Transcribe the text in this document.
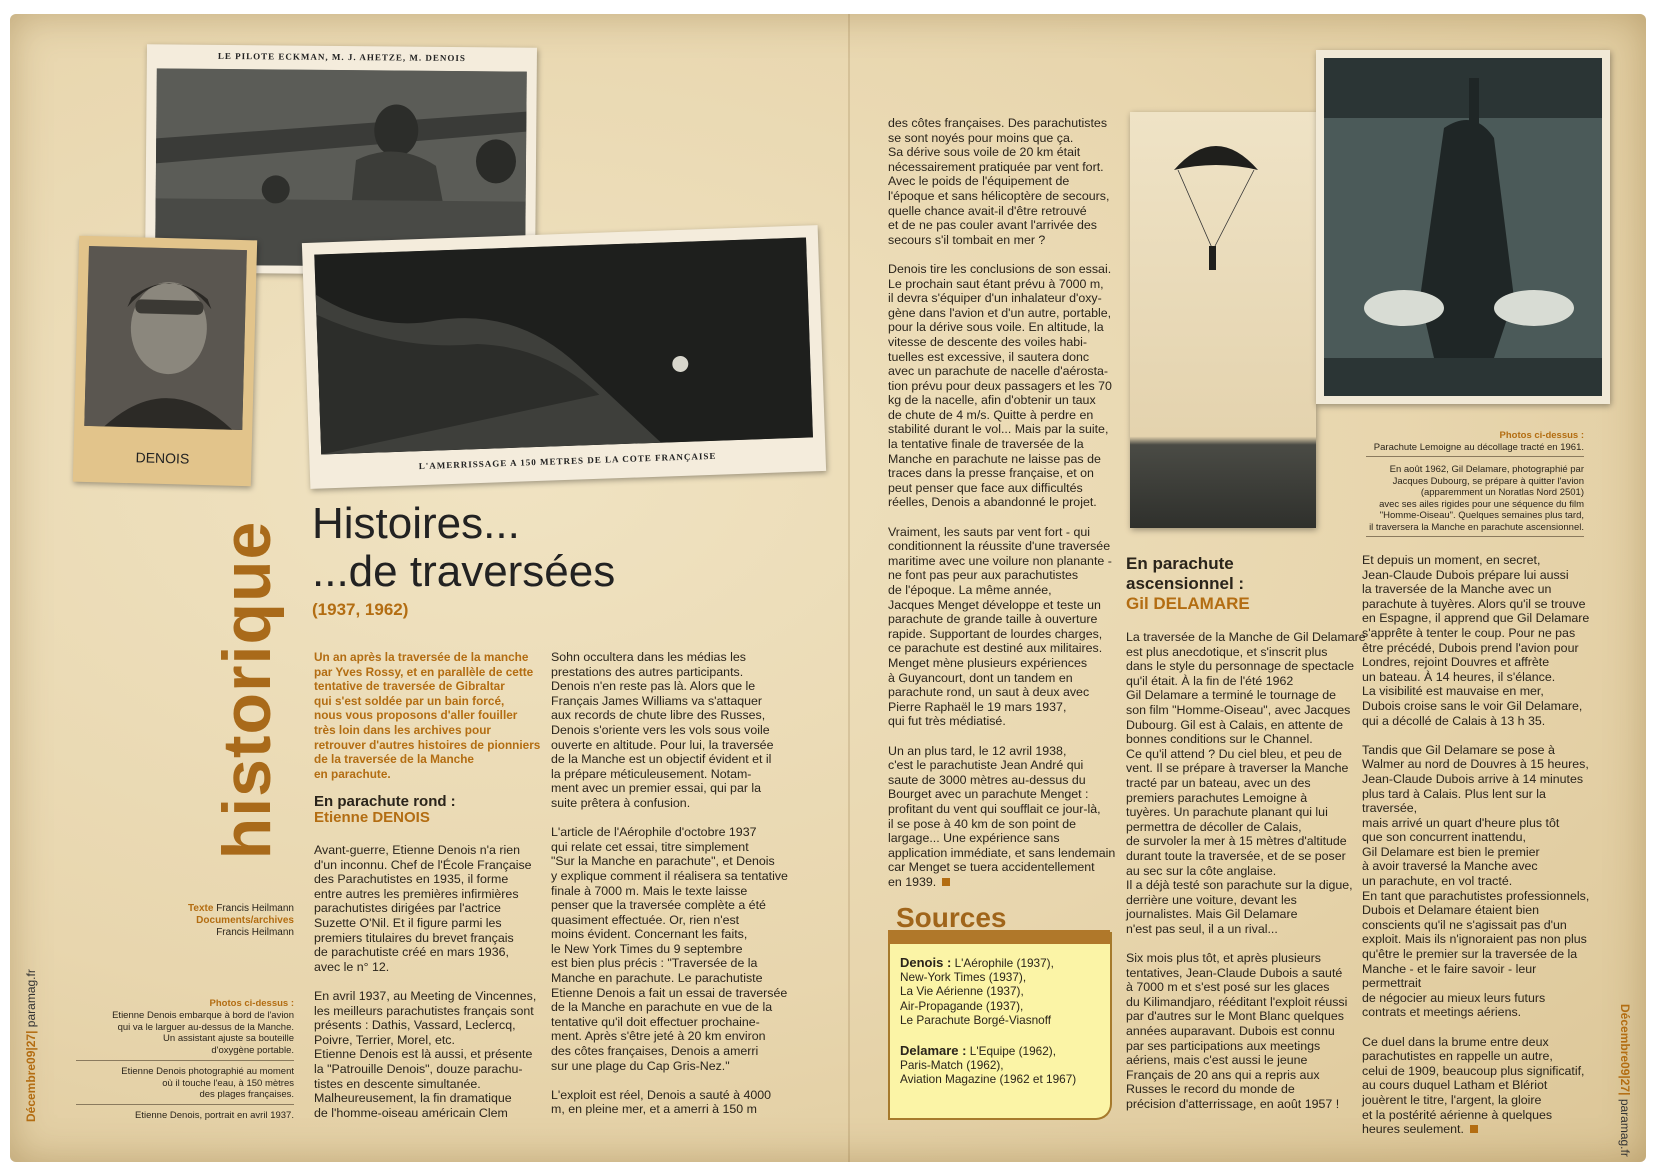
LE PILOTE ECKMAN, M. J. AHETZE, M. DENOIS
DENOIS	L'AMERRISSAGE A 150 METRES DE LA COTE FRANÇAISE
historique Histoires...
...de traversées
(1937, 1962)
Texte Francis Heilmann
Documents/archives
Francis Heilmann
Photos ci-dessus :
Etienne Denois embarque à bord de l'avion
qui va le larguer au-dessus de la Manche.
Un assistant ajuste sa bouteille
d'oxygène portable.
Etienne Denois photographié au moment
où il touche l'eau, à 150 mètres
des plages françaises.
Etienne Denois, portrait en avril 1937.
Décembre09|27| paramag.fr
Un an après la traversée de la manche
par Yves Rossy, et en parallèle de cette
tentative de traversée de Gibraltar
qui s'est soldée par un bain forcé,
nous vous proposons d'aller fouiller
très loin dans les archives pour
retrouver d'autres histoires de pionniers
de la traversée de la Manche
en parachute.
En parachute rond :
Etienne DENOIS
Avant-guerre, Etienne Denois n'a rien
d'un inconnu. Chef de l'École Française
des Parachutistes en 1935, il forme
entre autres les premières infirmières
parachutistes dirigées par l'actrice
Suzette O'Nil. Et il figure parmi les
premiers titulaires du brevet français
de parachutiste créé en mars 1936,
avec le n° 12.

En avril 1937, au Meeting de Vincennes,
les meilleurs parachutistes français sont
présents : Dathis, Vassard, Leclercq,
Poivre, Terrier, Morel, etc.
Etienne Denois est là aussi, et présente
la "Patrouille Denois", douze parachu-
tistes en descente simultanée.
Malheureusement, la fin dramatique
de l'homme-oiseau américain Clem
Sohn occultera dans les médias les
prestations des autres participants.
Denois n'en reste pas là. Alors que le
Français James Williams va s'attaquer
aux records de chute libre des Russes,
Denois s'oriente vers les vols sous voile
ouverte en altitude. Pour lui, la traversée
de la Manche est un objectif évident et il
la prépare méticuleusement. Notam-
ment avec un premier essai, qui par la
suite prêtera à confusion.

L'article de l'Aérophile d'octobre 1937
qui relate cet essai, titre simplement
"Sur la Manche en parachute", et Denois
y explique comment il réalisera sa tentative
finale à 7000 m. Mais le texte laisse
penser que la traversée complète a été
quasiment effectuée. Or, rien n'est
moins évident. Concernant les faits,
le New York Times du 9 septembre
est bien plus précis : "Traversée de la
Manche en parachute. Le parachutiste
Etienne Denois a fait un essai de traversée
de la Manche en parachute en vue de la
tentative qu'il doit effectuer prochaine-
ment. Après s'être jeté à 20 km environ
des côtes françaises, Denois a amerri
sur une plage du Cap Gris-Nez."

L'exploit est réel, Denois a sauté à 4000
m, en pleine mer, et a amerri à 150 m
des côtes françaises. Des parachutistes
se sont noyés pour moins que ça.
Sa dérive sous voile de 20 km était
nécessairement pratiquée par vent fort.
Avec le poids de l'équipement de
l'époque et sans hélicoptère de secours,
quelle chance avait-il d'être retrouvé
et de ne pas couler avant l'arrivée des
secours s'il tombait en mer ?

Denois tire les conclusions de son essai.
Le prochain saut étant prévu à 7000 m,
il devra s'équiper d'un inhalateur d'oxy-
gène dans l'avion et d'un autre, portable,
pour la dérive sous voile. En altitude, la
vitesse de descente des voiles habi-
tuelles est excessive, il sautera donc
avec un parachute de nacelle d'aérosta-
tion prévu pour deux passagers et les 70
kg de la nacelle, afin d'obtenir un taux
de chute de 4 m/s. Quitte à perdre en
stabilité durant le vol... Mais par la suite,
la tentative finale de traversée de la
Manche en parachute ne laisse pas de
traces dans la presse française, et on
peut penser que face aux difficultés
réelles, Denois a abandonné le projet.

Vraiment, les sauts par vent fort - qui
conditionnent la réussite d'une traversée
maritime avec une voilure non planante -
ne font pas peur aux parachutistes
de l'époque. La même année,
Jacques Menget développe et teste un
parachute de grande taille à ouverture
rapide. Supportant de lourdes charges,
ce parachute est destiné aux militaires.
Menget mène plusieurs expériences
à Guyancourt, dont un tandem en
parachute rond, un saut à deux avec
Pierre Raphaël le 19 mars 1937,
qui fut très médiatisé.

Un an plus tard, le 12 avril 1938,
c'est le parachutiste Jean André qui
saute de 3000 mètres au-dessus du
Bourget avec un parachute Menget :
profitant du vent qui soufflait ce jour-là,
il se pose à 40 km de son point de
largage... Une expérience sans
application immédiate, et sans lendemain
car Menget se tuera accidentellement
en 1939.
Sources
Denois : L'Aérophile (1937),
New-York Times (1937),
La Vie Aérienne (1937),
Air-Propagande (1937),
Le Parachute Borgé-Viasnoff
Delamare : L'Equipe (1962),
Paris-Match (1962),
Aviation Magazine (1962 et 1967)
Photos ci-dessus :
Parachute Lemoigne au décollage tracté en 1961.
En août 1962, Gil Delamare, photographié par
Jacques Dubourg, se prépare à quitter l'avion
(apparemment un Noratlas Nord 2501)
avec ses ailes rigides pour une séquence du film
"Homme-Oiseau". Quelques semaines plus tard,
il traversera la Manche en parachute ascensionnel.
En parachute
ascensionnel :
Gil DELAMARE
La traversée de la Manche de Gil Delamare
est plus anecdotique, et s'inscrit plus
dans le style du personnage de spectacle
qu'il était. À la fin de l'été 1962
Gil Delamare a terminé le tournage de
son film "Homme-Oiseau", avec Jacques
Dubourg. Gil est à Calais, en attente de
bonnes conditions sur le Channel.
Ce qu'il attend ? Du ciel bleu, et peu de
vent. Il se prépare à traverser la Manche
tracté par un bateau, avec un des
premiers parachutes Lemoigne à
tuyères. Un parachute planant qui lui
permettra de décoller de Calais,
de survoler la mer à 15 mètres d'altitude
durant toute la traversée, et de se poser
au sec sur la côte anglaise.
Il a déjà testé son parachute sur la digue,
derrière une voiture, devant les
journalistes. Mais Gil Delamare
n'est pas seul, il a un rival...

Six mois plus tôt, et après plusieurs
tentatives, Jean-Claude Dubois a sauté
à 7000 m et s'est posé sur les glaces
du Kilimandjaro, rééditant l'exploit réussi
par d'autres sur le Mont Blanc quelques
années auparavant. Dubois est connu
par ses participations aux meetings
aériens, mais c'est aussi le jeune
Français de 20 ans qui a repris aux
Russes le record du monde de
précision d'atterrissage, en août 1957 !
Et depuis un moment, en secret,
Jean-Claude Dubois prépare lui aussi
la traversée de la Manche avec un
parachute à tuyères. Alors qu'il se trouve
en Espagne, il apprend que Gil Delamare
s'apprête à tenter le coup. Pour ne pas
être précédé, Dubois prend l'avion pour
Londres, rejoint Douvres et affrète
un bateau. À 14 heures, il s'élance.
La visibilité est mauvaise en mer,
Dubois croise sans le voir Gil Delamare,
qui a décollé de Calais à 13 h 35.

Tandis que Gil Delamare se pose à
Walmer au nord de Douvres à 15 heures,
Jean-Claude Dubois arrive à 14 minutes
plus tard à Calais. Plus lent sur la traversée,
mais arrivé un quart d'heure plus tôt
que son concurrent inattendu,
Gil Delamare est bien le premier
à avoir traversé la Manche avec
un parachute, en vol tracté.
En tant que parachutistes professionnels,
Dubois et Delamare étaient bien
conscients qu'il ne s'agissait pas d'un
exploit. Mais ils n'ignoraient pas non plus
qu'être le premier sur la traversée de la
Manche - et le faire savoir - leur permettrait
de négocier au mieux leurs futurs
contrats et meetings aériens.

Ce duel dans la brume entre deux
parachutistes en rappelle un autre,
celui de 1909, beaucoup plus significatif,
au cours duquel Latham et Blériot
jouèrent le titre, l'argent, la gloire
et la postérité aérienne à quelques
heures seulement.
Décembre09|27| paramag.fr
